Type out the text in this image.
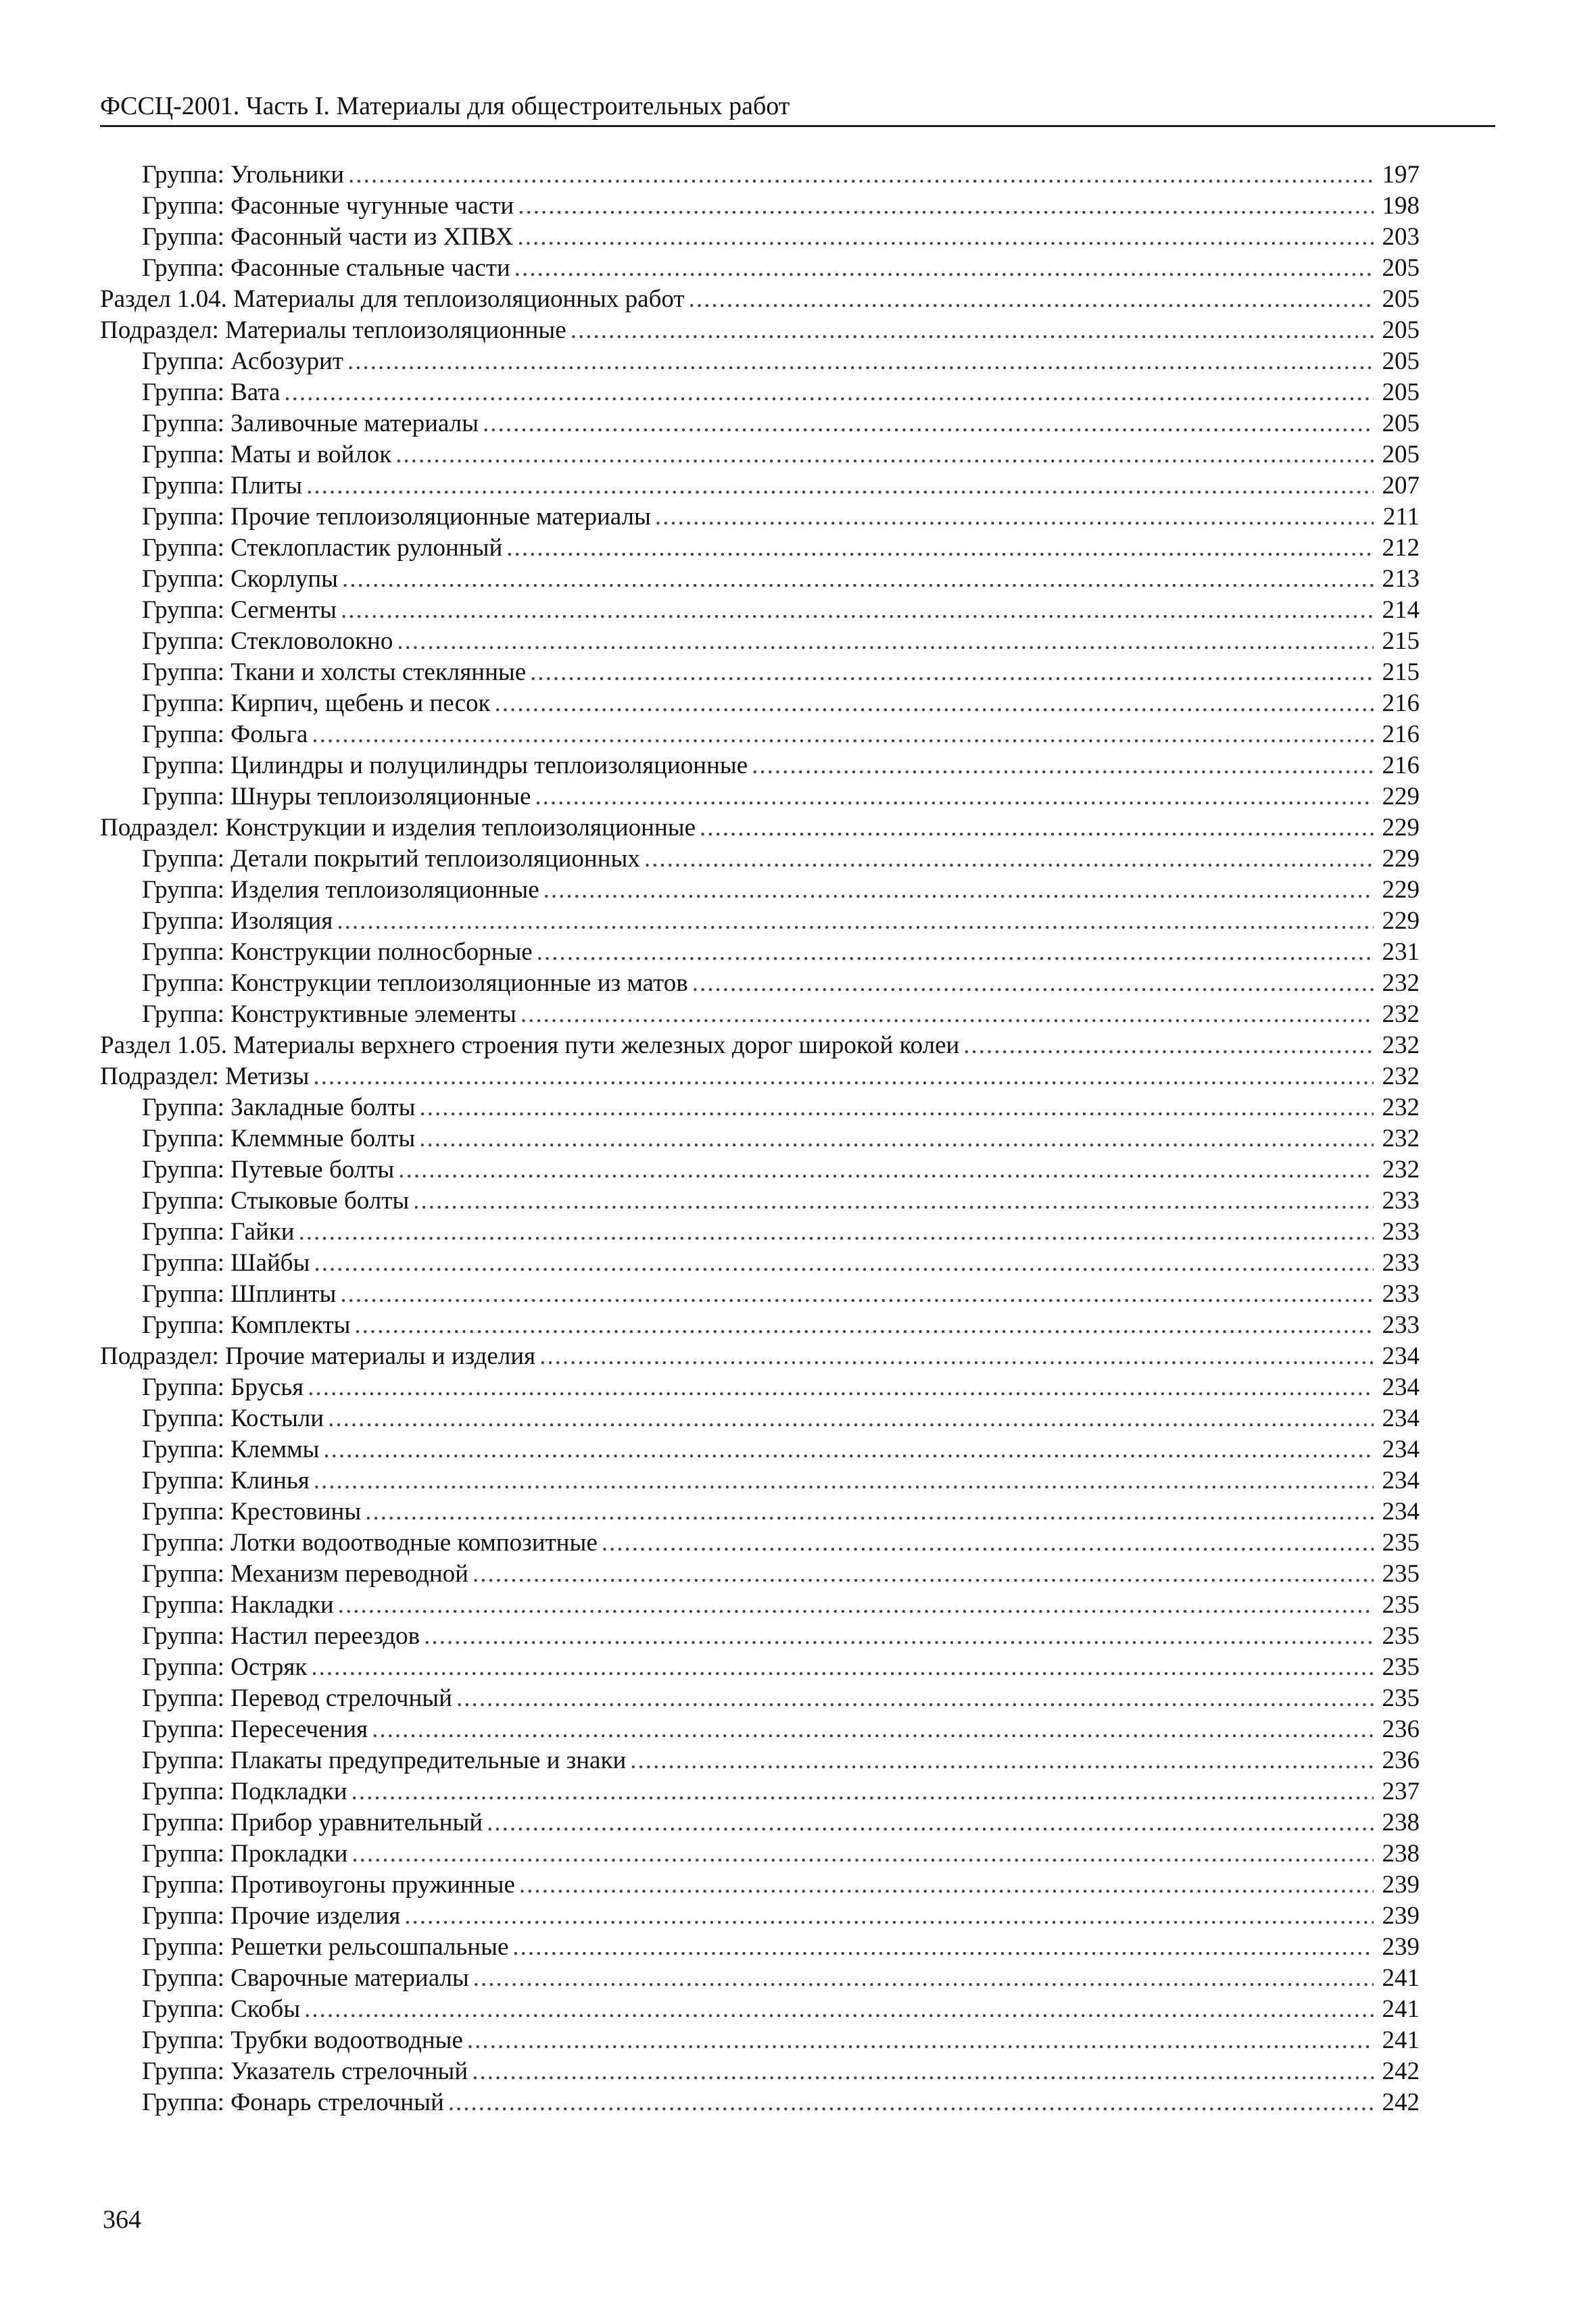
ФССЦ-2001. Часть I. Материалы для общестроительных работ
Группа: Угольники .....	197
Группа: Фасонные чугунные части .....	198
Группа: Фасонный части из ХПВХ .....	203
Группа: Фасонные стальные части .....	205
Раздел 1.04. Материалы для теплоизоляционных работ .....	205
Подраздел: Материалы теплоизоляционные .....	205
Группа: Асбозурит .....	205
Группа: Вата .....	205
Группа: Заливочные материалы .....	205
Группа: Маты и войлок .....	205
Группа: Плиты .....	207
Группа: Прочие теплоизоляционные материалы .....	211
Группа: Стеклопластик рулонный .....	212
Группа: Скорлупы .....	213
Группа: Сегменты .....	214
Группа: Стекловолокно .....	215
Группа: Ткани и холсты стеклянные .....	215
Группа: Кирпич, щебень и песок .....	216
Группа: Фольга .....	216
Группа: Цилиндры и полуцилиндры теплоизоляционные .....	216
Группа: Шнуры теплоизоляционные .....	229
Подраздел: Конструкции и изделия теплоизоляционные .....	229
Группа: Детали покрытий теплоизоляционных .....	229
Группа: Изделия теплоизоляционные .....	229
Группа: Изоляция .....	229
Группа: Конструкции полносборные .....	231
Группа: Конструкции теплоизоляционные из матов .....	232
Группа: Конструктивные элементы .....	232
Раздел 1.05. Материалы верхнего строения пути железных дорог широкой колеи .....	232
Подраздел: Метизы .....	232
Группа: Закладные болты .....	232
Группа: Клеммные болты .....	232
Группа: Путевые болты .....	232
Группа: Стыковые болты .....	233
Группа: Гайки .....	233
Группа: Шайбы .....	233
Группа: Шплинты .....	233
Группа: Комплекты .....	233
Подраздел: Прочие материалы и изделия .....	234
Группа: Брусья .....	234
Группа: Костыли .....	234
Группа: Клеммы .....	234
Группа: Клинья .....	234
Группа: Крестовины .....	234
Группа: Лотки водоотводные композитные .....	235
Группа: Механизм переводной .....	235
Группа: Накладки .....	235
Группа: Настил переездов .....	235
Группа: Остряк .....	235
Группа: Перевод стрелочный .....	235
Группа: Пересечения .....	236
Группа: Плакаты предупредительные и знаки .....	236
Группа: Подкладки .....	237
Группа: Прибор уравнительный .....	238
Группа: Прокладки .....	238
Группа: Противоугоны пружинные .....	239
Группа: Прочие изделия .....	239
Группа: Решетки рельсошпальные .....	239
Группа: Сварочные материалы .....	241
Группа: Скобы .....	241
Группа: Трубки водоотводные .....	241
Группа: Указатель стрелочный .....	242
Группа: Фонарь стрелочный .....	242
364
